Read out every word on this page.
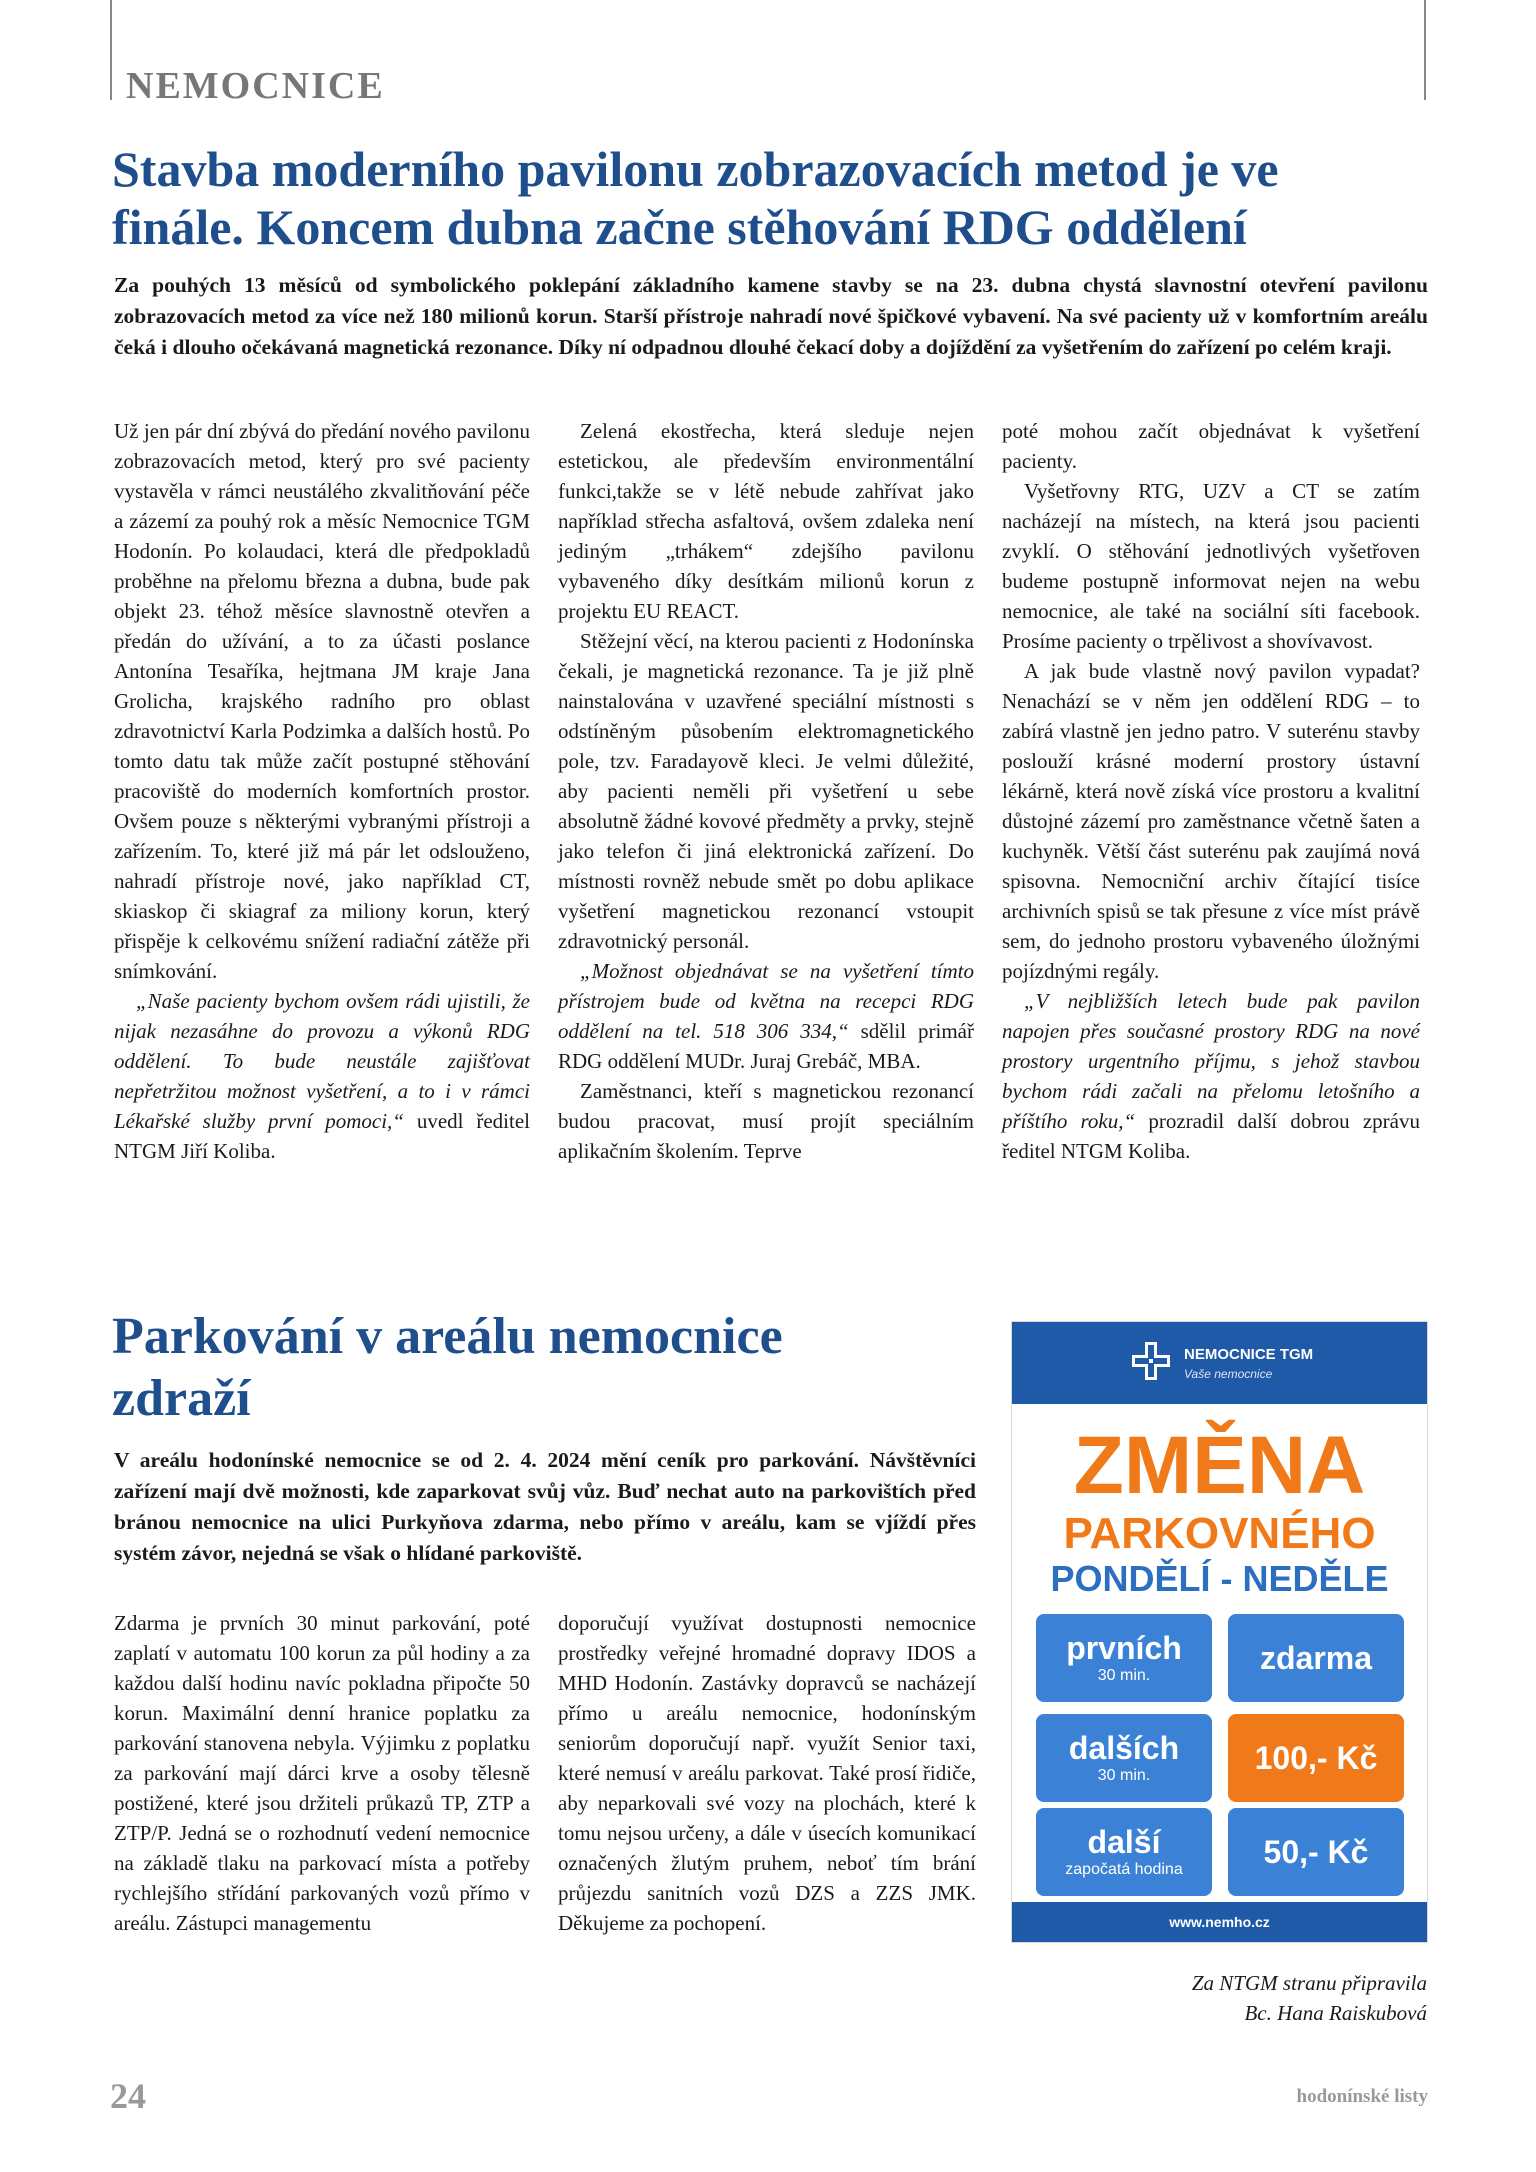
NEMOCNICE
Stavba moderního pavilonu zobrazovacích metod je ve
finále. Koncem dubna začne stěhování RDG oddělení

Za pouhých 13 měsíců od symbolického poklepání základního kamene stavby se na 23. dubna chystá slavnostní otevření pavilonu zobrazovacích metod za více než 180 milionů korun. Starší přístroje nahradí nové špičkové vybavení. Na své pacienty už v komfortním areálu čeká i dlouho očekávaná magnetická rezonance. Díky ní odpadnou dlouhé čekací doby a dojíždění za vyšetřením do zařízení po celém kraji.

Už jen pár dní zbývá do předání nového pavilonu zobrazovacích metod, který pro své pacienty vystavěla v rámci neustálého zkvalitňování péče a zázemí za pouhý rok a měsíc Nemocnice TGM Hodonín. Po kolaudaci, která dle předpokladů proběhne na přelomu března a dubna, bude pak objekt 23. téhož měsíce slavnostně otevřen a předán do užívání, a to za účasti poslance Antonína Tesaříka, hejtmana JM kraje Jana Grolicha, krajského radního pro oblast zdravotnictví Karla Podzimka a dalších hostů. Po tomto datu tak může začít postupné stěhování pracoviště do moderních komfortních prostor. Ovšem pouze s některými vybranými přístroji a zařízením. To, které již má pár let odslouženo, nahradí přístroje nové, jako například CT, skiaskop či skiagraf za miliony korun, který přispěje k celkovému snížení radiační zátěže při snímkování.

„Naše pacienty bychom ovšem rádi ujistili, že nijak nezasáhne do provozu a výkonů RDG oddělení. To bude neustále zajišťovat nepřetržitou možnost vyšetření, a to i v rámci Lékařské služby první pomoci,“ uvedl ředitel NTGM Jiří Koliba.

Zelená ekostřecha, která sleduje nejen estetickou, ale především environmentální funkci,takže se v létě nebude zahřívat jako například střecha asfaltová, ovšem zdaleka není jediným „trhákem“ zdejšího pavilonu vybaveného díky desítkám milionů korun z projektu EU REACT.

Stěžejní věcí, na kterou pacienti z Hodonínska čekali, je magnetická rezonance. Ta je již plně nainstalována v uzavřené speciální místnosti s odstíněným působením elektromagnetického pole, tzv. Faradayově kleci. Je velmi důležité, aby pacienti neměli při vyšetření u sebe absolutně žádné kovové předměty a prvky, stejně jako telefon či jiná elektronická zařízení. Do místnosti rovněž nebude smět po dobu aplikace vyšetření magnetickou rezonancí vstoupit zdravotnický personál.

„Možnost objednávat se na vyšetření tímto přístrojem bude od května na recepci RDG oddělení na tel. 518 306 334,“ sdělil primář RDG oddělení MUDr. Juraj Grebáč, MBA.

Zaměstnanci, kteří s magnetickou rezonancí budou pracovat, musí projít speciálním aplikačním školením. Teprve

poté mohou začít objednávat k vyšetření pacienty.

Vyšetřovny RTG, UZV a CT se zatím nacházejí na místech, na která jsou pacienti zvyklí. O stěhování jednotlivých vyšetřoven budeme postupně informovat nejen na webu nemocnice, ale také na sociální síti facebook. Prosíme pacienty o trpělivost a shovívavost.

A jak bude vlastně nový pavilon vypadat? Nenachází se v něm jen oddělení RDG – to zabírá vlastně jen jedno patro. V suterénu stavby poslouží krásné moderní prostory ústavní lékárně, která nově získá více prostoru a kvalitní důstojné zázemí pro zaměstnance včetně šaten a kuchyněk. Větší část suterénu pak zaujímá nová spisovna. Nemocniční archiv čítající tisíce archivních spisů se tak přesune z více míst právě sem, do jednoho prostoru vybaveného úložnými pojízdnými regály.

„V nejbližších letech bude pak pavilon napojen přes současné prostory RDG na nové prostory urgentního příjmu, s jehož stavbou bychom rádi začali na přelomu letošního a příštího roku,“ prozradil další dobrou zprávu ředitel NTGM Koliba.

Parkování v areálu nemocnice
zdraží

V areálu hodonínské nemocnice se od 2. 4. 2024 mění ceník pro parkování. Návštěvníci zařízení mají dvě možnosti, kde zaparkovat svůj vůz. Buď nechat auto na parkovištích před bránou nemocnice na ulici Purkyňova zdarma, nebo přímo v areálu, kam se vjíždí přes systém závor, nejedná se však o hlídané parkoviště.

Zdarma je prvních 30 minut parkování, poté zaplatí v automatu 100 korun za půl hodiny a za každou další hodinu navíc pokladna připočte 50 korun. Maximální denní hranice poplatku za parkování stanovena nebyla. Výjimku z poplatku za parkování mají dárci krve a osoby tělesně postižené, které jsou držiteli průkazů TP, ZTP a ZTP/P. Jedná se o rozhodnutí vedení nemocnice na základě tlaku na parkovací místa a potřeby rychlejšího střídání parkovaných vozů přímo v areálu. Zástupci managementu

doporučují využívat dostupnosti nemocnice prostředky veřejné hromadné dopravy IDOS a MHD Hodonín. Zastávky dopravců se nacházejí přímo u areálu nemocnice, hodonínským seniorům doporučují např. využít Senior taxi, které nemusí v areálu parkovat. Také prosí řidiče, aby neparkovali své vozy na plochách, které k tomu nejsou určeny, a dále v úsecích komunikací označených žlutým pruhem, neboť tím brání průjezdu sanitních vozů DZS a ZZS JMK. Děkujeme za pochopení.

NEMOCNICE TGM
Vaše nemocnice
ZMĚNA
PARKOVNÉHO
PONDĚLÍ - NEDĚLE
prvních
30 min.	zdarma
dalších
30 min.	100,- Kč
další
započatá hodina	50,- Kč
www.nemho.cz
Za NTGM stranu připravila
Bc. Hana Raiskubová
24	hodonínské listy
